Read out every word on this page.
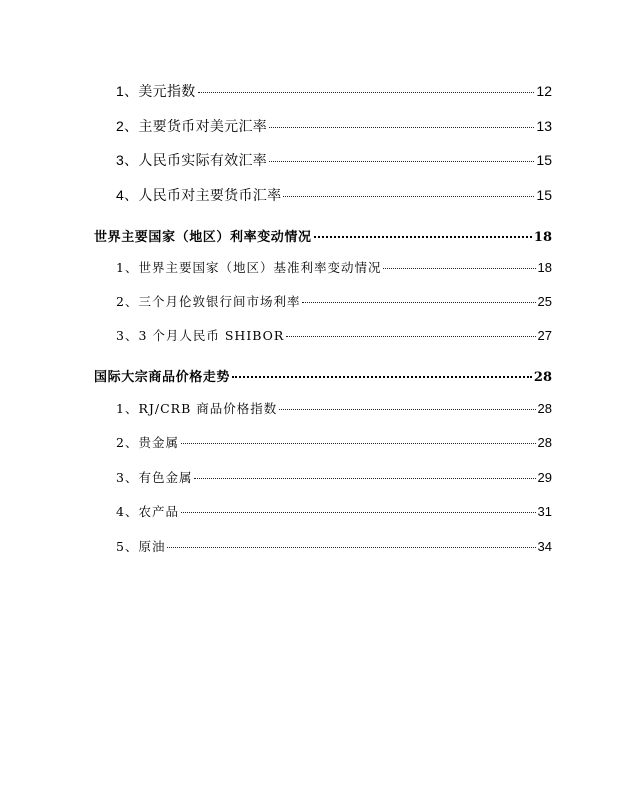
1、美元指数	12
2、主要货币对美元汇率	13
3、人民币实际有效汇率	15
4、人民币对主要货币汇率	15
世界主要国家（地区）利率变动情况	18
1、世界主要国家（地区）基准利率变动情况	18
2、三个月伦敦银行间市场利率	25
3、3 个月人民币 SHIBOR	27
国际大宗商品价格走势	28
1、RJ/CRB 商品价格指数	28
2、贵金属	28
3、有色金属	29
4、农产品	31
5、原油	34
